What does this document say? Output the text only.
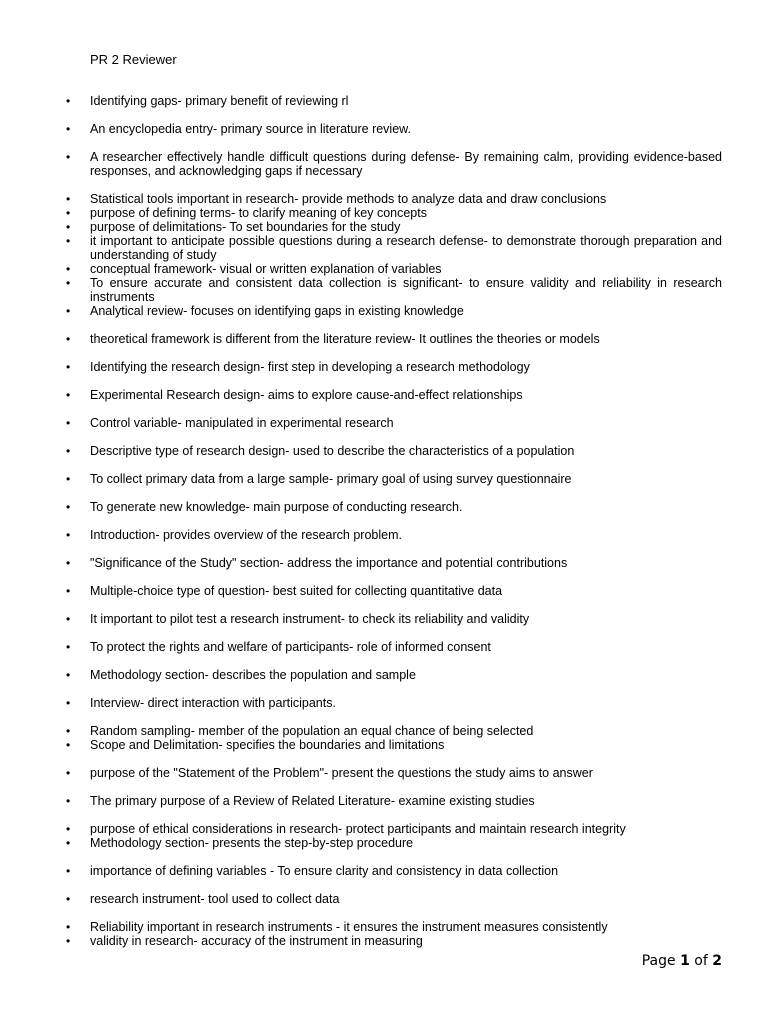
PR 2 Reviewer
• Identifying gaps- primary benefit of reviewing rl
• An encyclopedia entry- primary source in literature review.
• A researcher effectively handle difficult questions during defense- By remaining calm, providing evidence-based responses, and acknowledging gaps if necessary
• Statistical tools important in research- provide methods to analyze data and draw conclusions
• purpose of defining terms- to clarify meaning of key concepts
• purpose of delimitations- To set boundaries for the study
• it important to anticipate possible questions during a research defense- to demonstrate thorough preparation and understanding of study
• conceptual framework- visual or written explanation of variables
• To ensure accurate and consistent data collection is significant- to ensure validity and reliability in research instruments
• Analytical review- focuses on identifying gaps in existing knowledge
• theoretical framework is different from the literature review- It outlines the theories or models
• Identifying the research design- first step in developing a research methodology
• Experimental Research design- aims to explore cause-and-effect relationships
• Control variable- manipulated in experimental research
• Descriptive type of research design- used to describe the characteristics of a population
• To collect primary data from a large sample- primary goal of using survey questionnaire
• To generate new knowledge- main purpose of conducting research.
• Introduction- provides overview of the research problem.
• "Significance of the Study" section- address the importance and potential contributions
• Multiple-choice type of question- best suited for collecting quantitative data
• It important to pilot test a research instrument- to check its reliability and validity
• To protect the rights and welfare of participants- role of informed consent
• Methodology section- describes the population and sample
• Interview- direct interaction with participants.
• Random sampling- member of the population an equal chance of being selected
• Scope and Delimitation- specifies the boundaries and limitations
• purpose of the "Statement of the Problem"- present the questions the study aims to answer
• The primary purpose of a Review of Related Literature- examine existing studies
• purpose of ethical considerations in research- protect participants and maintain research integrity
• Methodology section- presents the step-by-step procedure
• importance of defining variables - To ensure clarity and consistency in data collection
• research instrument- tool used to collect data
• Reliability important in research instruments - it ensures the instrument measures consistently
• validity in research- accuracy of the instrument in measuring
Page 1 of 2
